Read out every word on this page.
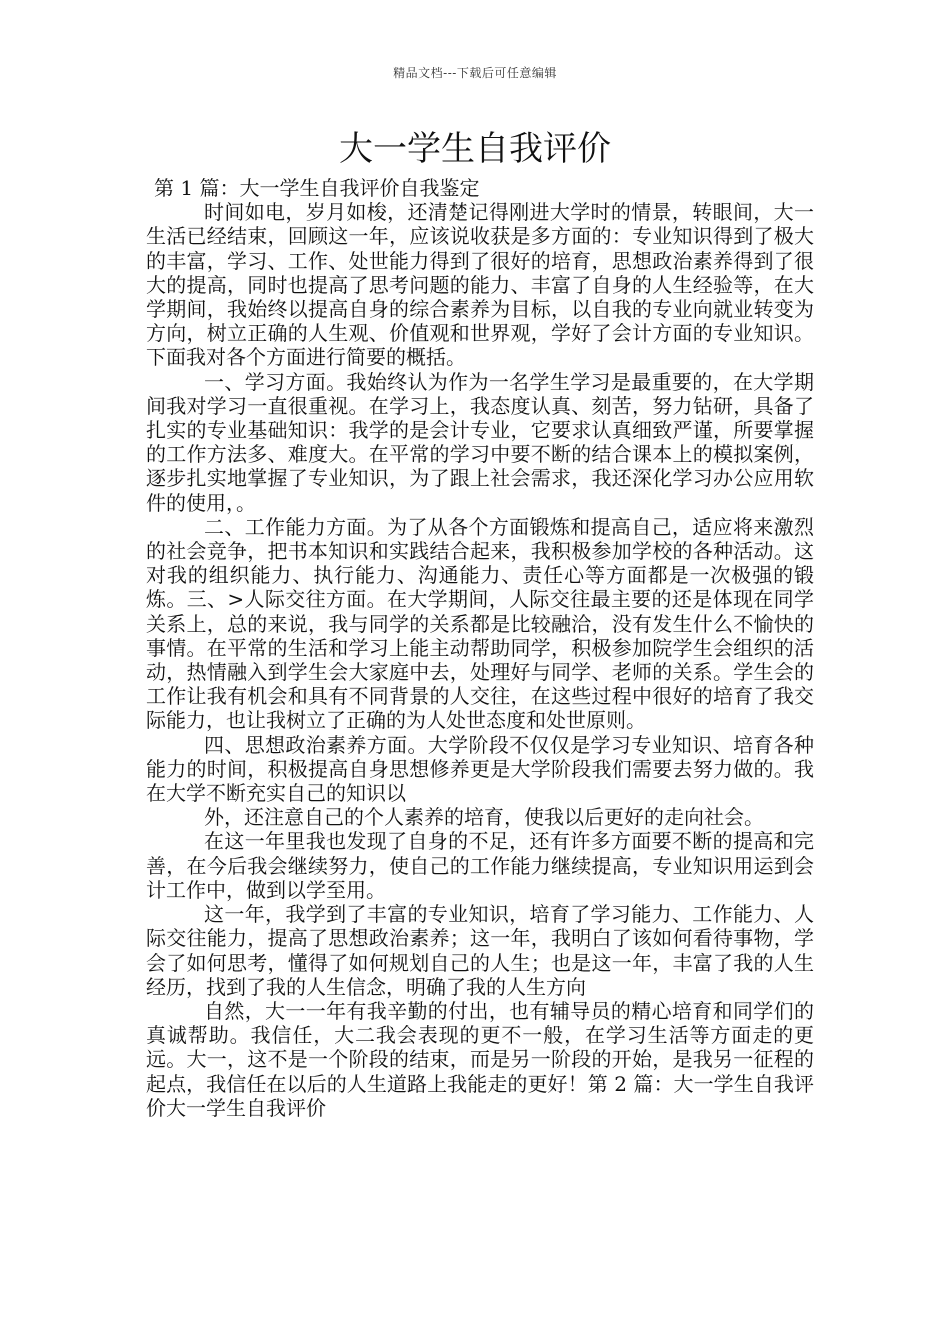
精品文档---下载后可任意编辑
大一学生自我评价

第 1 篇：大一学生自我评价自我鉴定

时间如电，岁月如梭，还清楚记得刚进大学时的情景，转眼间，大一生活已经结束，回顾这一年，应该说收获是多方面的：专业知识得到了极大的丰富，学习、工作、处世能力得到了很好的培育，思想政治素养得到了很大的提高，同时也提高了思考问题的能力、丰富了自身的人生经验等，在大学期间，我始终以提高自身的综合素养为目标，以自我的专业向就业转变为方向，树立正确的人生观、价值观和世界观，学好了会计方面的专业知识。下面我对各个方面进行简要的概括。

一、学习方面。我始终认为作为一名学生学习是最重要的，在大学期间我对学习一直很重视。在学习上，我态度认真、刻苦，努力钻研，具备了扎实的专业基础知识：我学的是会计专业，它要求认真细致严谨，所要掌握的工作方法多、难度大。在平常的学习中要不断的结合课本上的模拟案例，逐步扎实地掌握了专业知识，为了跟上社会需求，我还深化学习办公应用软件的使用，。

二、工作能力方面。为了从各个方面锻炼和提高自己，适应将来激烈的社会竞争，把书本知识和实践结合起来，我积极参加学校的各种活动。这对我的组织能力、执行能力、沟通能力、责任心等方面都是一次极强的锻炼。三、>人际交往方面。在大学期间，人际交往最主要的还是体现在同学关系上，总的来说，我与同学的关系都是比较融洽，没有发生什么不愉快的事情。在平常的生活和学习上能主动帮助同学，积极参加院学生会组织的活动，热情融入到学生会大家庭中去，处理好与同学、老师的关系。学生会的工作让我有机会和具有不同背景的人交往，在这些过程中很好的培育了我交际能力，也让我树立了正确的为人处世态度和处世原则。

四、思想政治素养方面。大学阶段不仅仅是学习专业知识、培育各种能力的时间，积极提高自身思想修养更是大学阶段我们需要去努力做的。我在大学不断充实自己的知识以

外，还注意自己的个人素养的培育，使我以后更好的走向社会。

在这一年里我也发现了自身的不足，还有许多方面要不断的提高和完善，在今后我会继续努力，使自己的工作能力继续提高，专业知识用运到会计工作中，做到以学至用。

这一年，我学到了丰富的专业知识，培育了学习能力、工作能力、人际交往能力，提高了思想政治素养；这一年，我明白了该如何看待事物，学会了如何思考，懂得了如何规划自己的人生；也是这一年，丰富了我的人生经历，找到了我的人生信念，明确了我的人生方向

自然，大一一年有我辛勤的付出，也有辅导员的精心培育和同学们的真诚帮助。我信任，大二我会表现的更不一般，在学习生活等方面走的更远。大一，这不是一个阶段的结束，而是另一阶段的开始，是我另一征程的起点，我信任在以后的人生道路上我能走的更好！第 2 篇：大一学生自我评价大一学生自我评价
